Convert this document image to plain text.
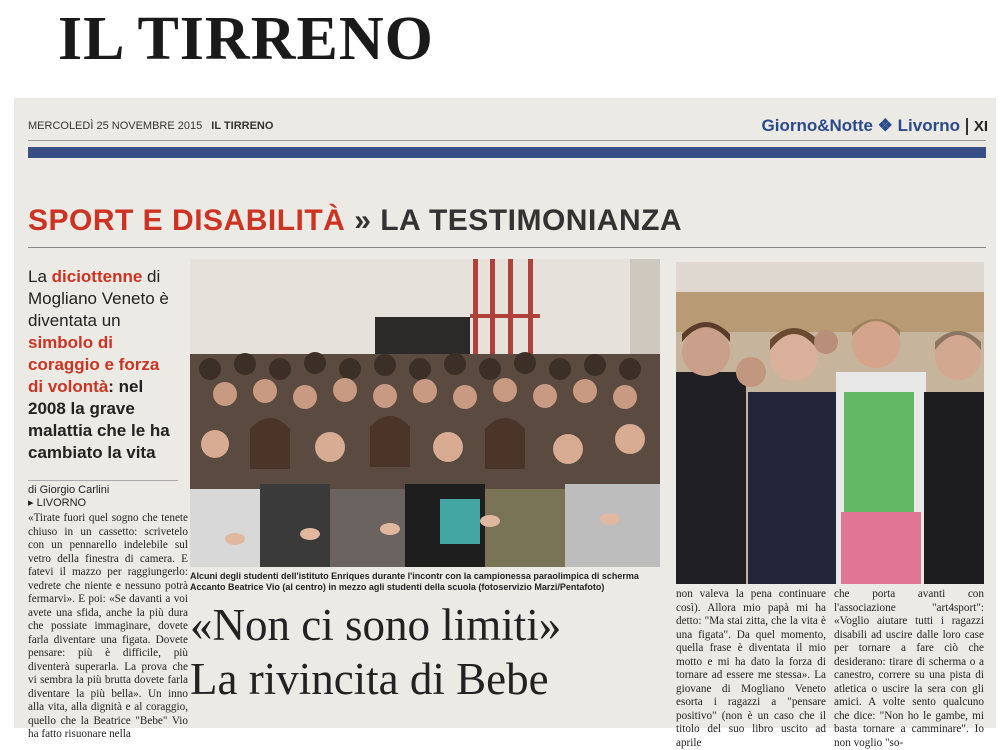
IL TIRRENO
MERCOLEDÌ 25 NOVEMBRE 2015 IL TIRRENO	Giorno&Notte ❖ Livorno XI
SPORT E DISABILITÀ » LA TESTIMONIANZA
La diciottenne di Mogliano Veneto è diventata un simbolo di coraggio e forza di volontà: nel 2008 la grave malattia che le ha cambiato la vita
di Giorgio Carlini
▸ LIVORNO
«Tirate fuori quel sogno che tenete chiuso in un cassetto: scrivetelo con un pennarello indelebile sul vetro della finestra di camera. E fatevi il mazzo per raggiungerlo: vedrete che niente e nessuno potrà fermarvi». E poi: «Se davanti a voi avete una sfida, anche la più dura che possiate immaginare, dovete farla diventare una figata. Dovete pensare: più è difficile, più diventerà superarla. La prova che vi sembra la più brutta dovete farla diventare la più bella». Un inno alla vita, alla dignità e al coraggio, quello che la Beatrice "Bebe" Vio ha fatto risuonare nella
Alcuni degli studenti dell'istituto Enriques durante l'incontr con la campionessa paraolimpica di scherma Accanto Beatrice Vio (al centro) in mezzo agli studenti della scuola (fotoservizio Marzi/Pentafoto)
«Non ci sono limiti»
La rivincita di Bebe
non valeva la pena continuare così). Allora mio papà mi ha detto: "Ma stai zitta, che la vita è una figata". Da quel momento, quella frase è diventata il mio motto e mi ha dato la forza di tornare ad essere me stessa». La giovane di Mogliano Veneto esorta i ragazzi a "pensare positivo" (non è un caso che il titolo del suo libro uscito ad aprile
che porta avanti con l'associazione "art4sport": «Voglio aiutare tutti i ragazzi disabili ad uscire dalle loro case per tornare a fare ciò che desiderano: tirare di scherma o a canestro, correre su una pista di atletica o uscire la sera con gli amici. A volte sento qualcuno che dice: "Non ho le gambe, mi basta tornare a camminare". Io non voglio "so-
